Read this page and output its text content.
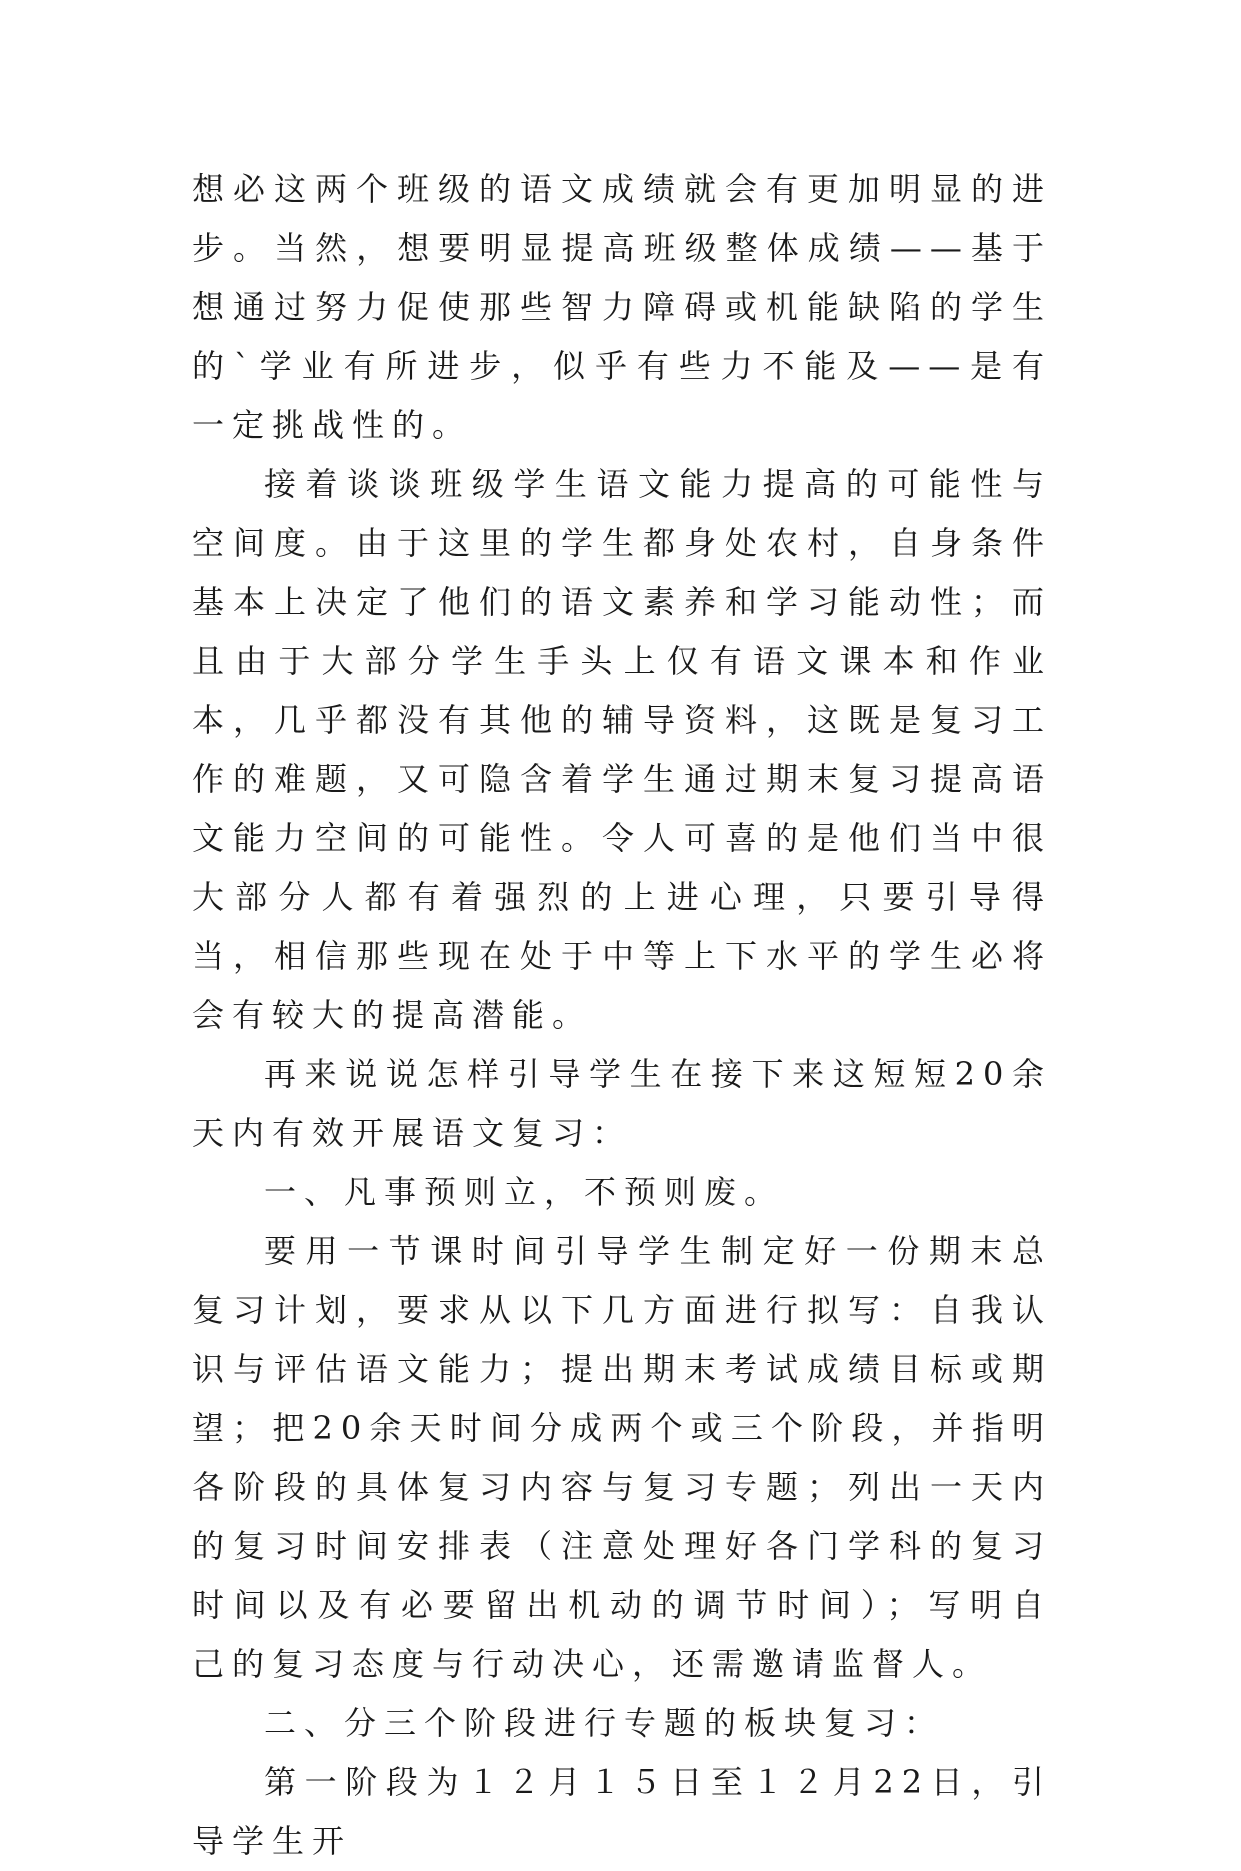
想必这两个班级的语文成绩就会有更加明显的进步。当然，想要明显提高班级整体成绩——基于想通过努力促使那些智力障碍或机能缺陷的学生的`学业有所进步，似乎有些力不能及——是有一定挑战性的。

接着谈谈班级学生语文能力提高的可能性与空间度。由于这里的学生都身处农村，自身条件基本上决定了他们的语文素养和学习能动性；而且由于大部分学生手头上仅有语文课本和作业本，几乎都没有其他的辅导资料，这既是复习工作的难题，又可隐含着学生通过期末复习提高语文能力空间的可能性。令人可喜的是他们当中很大部分人都有着强烈的上进心理，只要引导得当，相信那些现在处于中等上下水平的学生必将会有较大的提高潜能。

再来说说怎样引导学生在接下来这短短20余天内有效开展语文复习：

一、凡事预则立，不预则废。

要用一节课时间引导学生制定好一份期末总复习计划，要求从以下几方面进行拟写：自我认识与评估语文能力；提出期末考试成绩目标或期望；把20余天时间分成两个或三个阶段，并指明各阶段的具体复习内容与复习专题；列出一天内的复习时间安排表（注意处理好各门学科的复习时间以及有必要留出机动的调节时间）；写明自己的复习态度与行动决心，还需邀请监督人。

二、分三个阶段进行专题的板块复习：

第一阶段为１２月１５日至１２月22日，引导学生开
